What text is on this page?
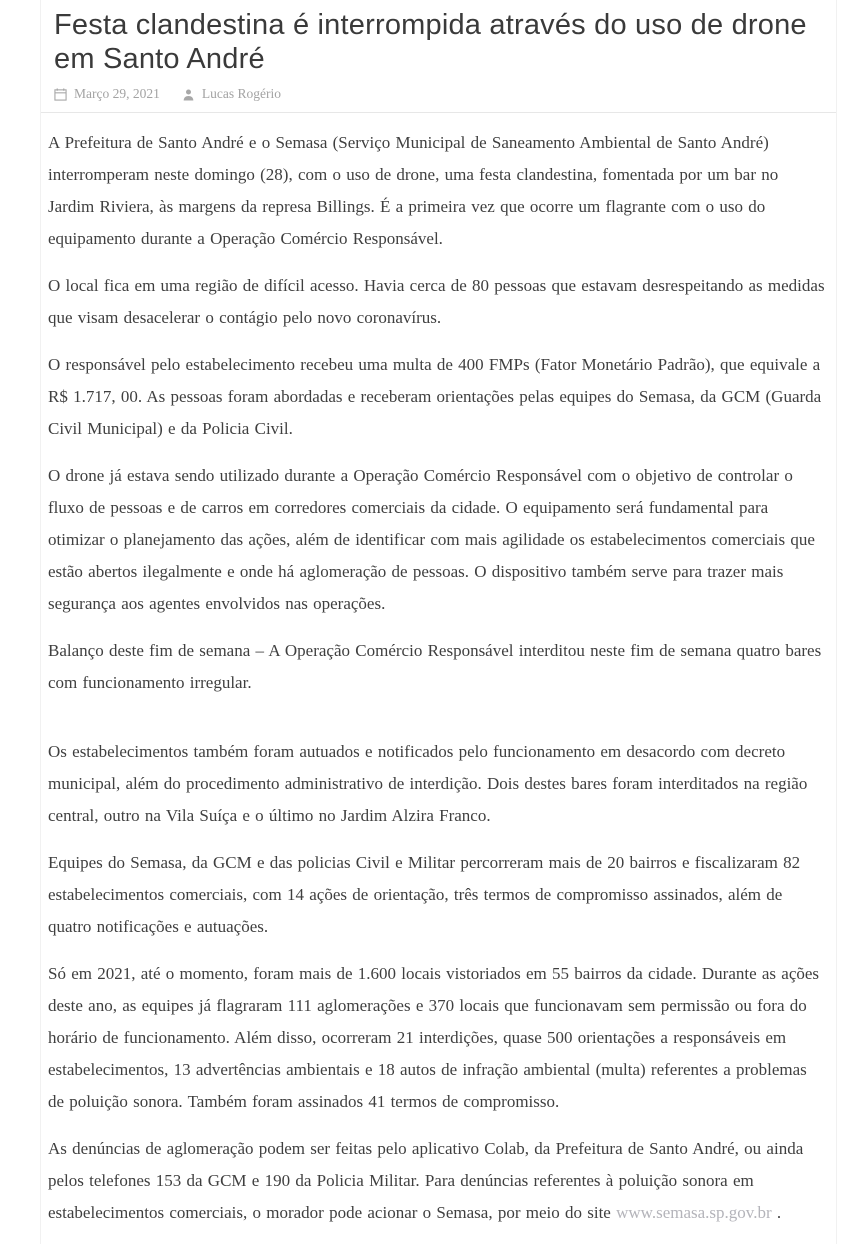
Festa clandestina é interrompida através do uso de drone em Santo André
Março 29, 2021	Lucas Rogério

A Prefeitura de Santo André e o Semasa (Serviço Municipal de Saneamento Ambiental de Santo André) interromperam neste domingo (28), com o uso de drone, uma festa clandestina, fomentada por um bar no Jardim Riviera, às margens da represa Billings. É a primeira vez que ocorre um flagrante com o uso do equipamento durante a Operação Comércio Responsável.

O local fica em uma região de difícil acesso. Havia cerca de 80 pessoas que estavam desrespeitando as medidas que visam desacelerar o contágio pelo novo coronavírus.

O responsável pelo estabelecimento recebeu uma multa de 400 FMPs (Fator Monetário Padrão), que equivale a R$ 1.717, 00. As pessoas foram abordadas e receberam orientações pelas equipes do Semasa, da GCM (Guarda Civil Municipal) e da Policia Civil.

O drone já estava sendo utilizado durante a Operação Comércio Responsável com o objetivo de controlar o fluxo de pessoas e de carros em corredores comerciais da cidade. O equipamento será fundamental para otimizar o planejamento das ações, além de identificar com mais agilidade os estabelecimentos comerciais que estão abertos ilegalmente e onde há aglomeração de pessoas. O dispositivo também serve para trazer mais segurança aos agentes envolvidos nas operações.

Balanço deste fim de semana – A Operação Comércio Responsável interditou neste fim de semana quatro bares com funcionamento irregular.

Os estabelecimentos também foram autuados e notificados pelo funcionamento em desacordo com decreto municipal, além do procedimento administrativo de interdição. Dois destes bares foram interditados na região central, outro na Vila Suíça e o último no Jardim Alzira Franco.

Equipes do Semasa, da GCM e das policias Civil e Militar percorreram mais de 20 bairros e fiscalizaram 82 estabelecimentos comerciais, com 14 ações de orientação, três termos de compromisso assinados, além de quatro notificações e autuações.

Só em 2021, até o momento, foram mais de 1.600 locais vistoriados em 55 bairros da cidade. Durante as ações deste ano, as equipes já flagraram 111 aglomerações e 370 locais que funcionavam sem permissão ou fora do horário de funcionamento. Além disso, ocorreram 21 interdições, quase 500 orientações a responsáveis em estabelecimentos, 13 advertências ambientais e 18 autos de infração ambiental (multa) referentes a problemas de poluição sonora. Também foram assinados 41 termos de compromisso.

As denúncias de aglomeração podem ser feitas pelo aplicativo Colab, da Prefeitura de Santo André, ou ainda pelos telefones 153 da GCM e 190 da Policia Militar. Para denúncias referentes à poluição sonora em estabelecimentos comerciais, o morador pode acionar o Semasa, por meio do site www.semasa.sp.gov.br .
